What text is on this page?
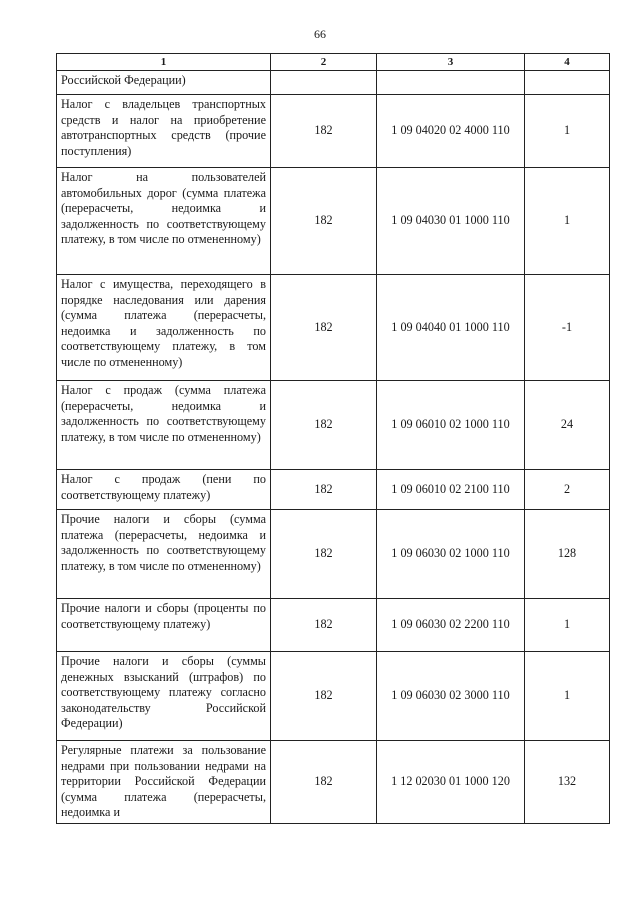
66
1	2	3	4
Российской Федерации)			
Налог с владельцев транспортных средств и налог на приобретение автотранспортных средств (прочие поступления)	182	1 09 04020 02 4000 110	1
Налог на пользователей автомобильных дорог (сумма платежа (перерасчеты, недоимка и задолженность по соответствующему платежу, в том числе по отмененному)	182	1 09 04030 01 1000 110	1
Налог с имущества, переходящего в порядке наследования или дарения (сумма платежа (перерасчеты, недоимка и задолженность по соответствующему платежу, в том числе по отмененному)	182	1 09 04040 01 1000 110	-1
Налог с продаж (сумма платежа (перерасчеты, недоимка и задолженность по соответствующему платежу, в том числе по отмененному)	182	1 09 06010 02 1000 110	24
Налог с продаж (пени по соответствующему платежу)	182	1 09 06010 02 2100 110	2
Прочие налоги и сборы (сумма платежа (перерасчеты, недоимка и задолженность по соответствующему платежу, в том числе по отмененному)	182	1 09 06030 02 1000 110	128
Прочие налоги и сборы (проценты по соответствующему платежу)	182	1 09 06030 02 2200 110	1
Прочие налоги и сборы (суммы денежных взысканий (штрафов) по соответствующему платежу согласно законодательству Российской Федерации)	182	1 09 06030 02 3000 110	1
Регулярные платежи за пользование недрами при пользовании недрами на территории Российской Федерации (сумма платежа (перерасчеты, недоимка и	182	1 12 02030 01 1000 120	132
